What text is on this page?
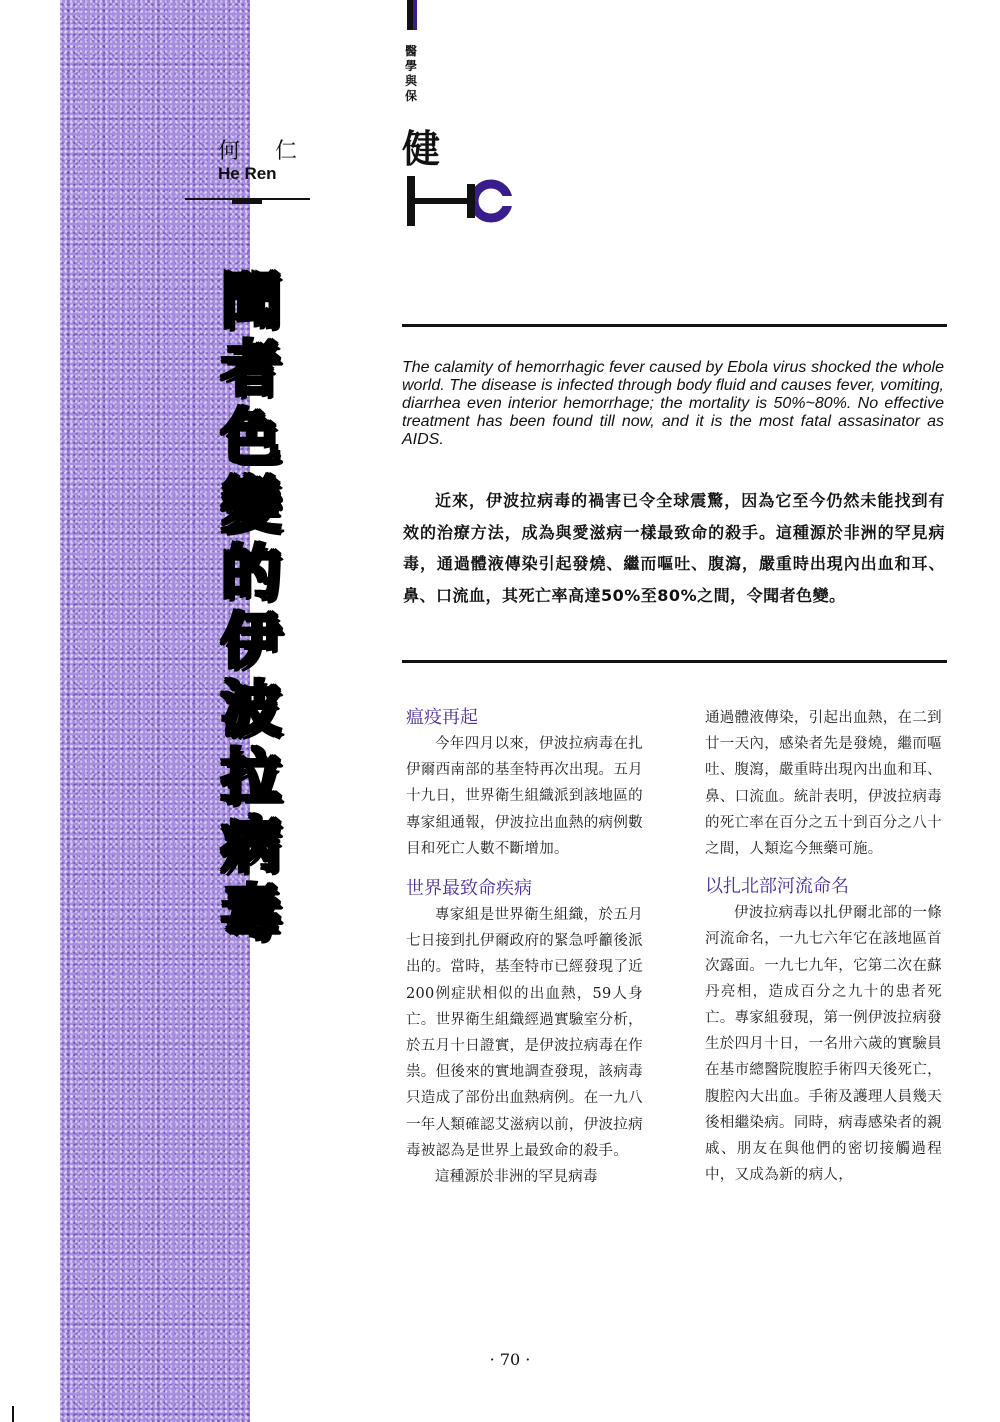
何 仁
He Ren
聞者色變的伊波拉病毒
醫學與保
健

The calamity of hemorrhagic fever caused by Ebola virus shocked the whole world. The disease is infected through body fluid and causes fever, vomiting, diarrhea even interior hemorrhage; the mortality is 50%~80%. No effective treatment has been found till now, and it is the most fatal assasinator as AIDS.

近來，伊波拉病毒的禍害已令全球震驚，因為它至今仍然未能找到有效的治療方法，成為與愛滋病一樣最致命的殺手。這種源於非洲的罕見病毒，通過體液傳染引起發燒、繼而嘔吐、腹瀉，嚴重時出現內出血和耳、鼻、口流血，其死亡率高達50%至80%之間，令聞者色變。

瘟疫再起

今年四月以來，伊波拉病毒在扎伊爾西南部的基奎特再次出現。五月十九日，世界衛生組織派到該地區的專家組通報，伊波拉出血熱的病例數目和死亡人數不斷增加。

世界最致命疾病

專家組是世界衛生組織，於五月七日接到扎伊爾政府的緊急呼籲後派出的。當時，基奎特市已經發現了近200例症狀相似的出血熱，59人身亡。世界衛生組織經過實驗室分析，於五月十日證實，是伊波拉病毒在作祟。但後來的實地調查發現，該病毒只造成了部份出血熱病例。在一九八一年人類確認艾滋病以前，伊波拉病毒被認為是世界上最致命的殺手。

這種源於非洲的罕見病毒

通過體液傳染，引起出血熱，在二到廿一天內，感染者先是發燒，繼而嘔吐、腹瀉，嚴重時出現內出血和耳、鼻、口流血。統計表明，伊波拉病毒的死亡率在百分之五十到百分之八十之間，人類迄今無藥可施。

以扎北部河流命名

伊波拉病毒以扎伊爾北部的一條河流命名，一九七六年它在該地區首次露面。一九七九年，它第二次在蘇丹亮相，造成百分之九十的患者死亡。專家組發現，第一例伊波拉病發生於四月十日，一名卅六歲的實驗員在基市總醫院腹腔手術四天後死亡，腹腔內大出血。手術及護理人員幾天後相繼染病。同時，病毒感染者的親戚、朋友在與他們的密切接觸過程中，又成為新的病人，

· 70 ·
